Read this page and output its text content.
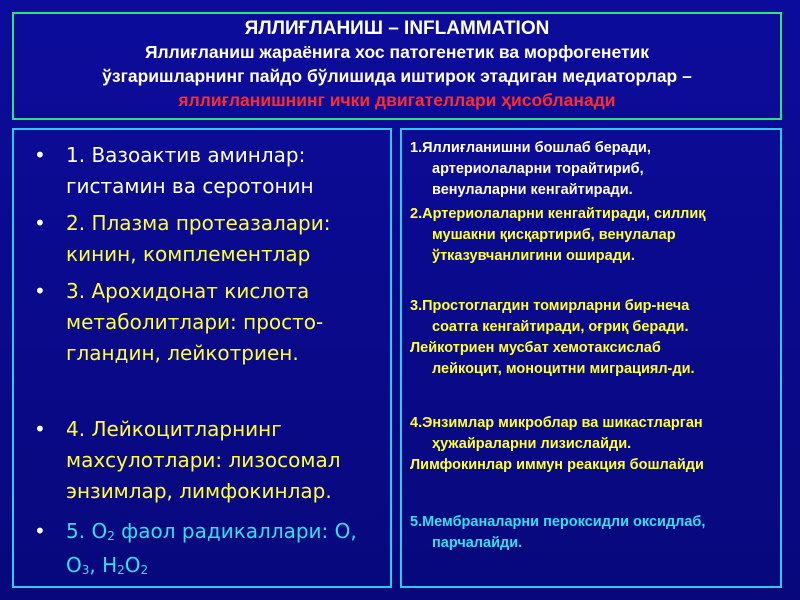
ЯЛЛИҒЛАНИШ – INFLAMMATION
Яллиғланиш жараёнига хос патогенетик ва морфогенетик
ўзгаришларнинг пайдо бўлишида иштирок этадиган медиаторлар –
яллиғланишнинг ички двигателлари ҳисобланади
• 1. Вазоактив аминлар:
гистамин ва серотонин
• 2. Плазма протеазалари:
кинин, комплементлар
• 3. Арохидонат кислота
метаболитлари: просто-
гландин, лейкотриен.
• 4. Лейкоцитларнинг
махсулотлари: лизосомал
энзимлар, лимфокинлар.
• 5. $O_2$ фаол радикаллари: O,
$O_3$, $H_2O_2$
1.Яллиғланишни бошлаб беради,
артериолаларни торайтириб,
венулаларни кенгайтиради.
2.Артериолаларни кенгайтиради, силлиқ
мушакни қисқартириб, венулалар
ўтказувчанлигини оширади.
3.Простоглагдин томирларни бир-неча
соатга кенгайтиради, оғриқ беради.
Лейкотриен мусбат хемотаксислаб
лейкоцит, моноцитни миграциял-ди.
4.Энзимлар микроблар ва шикастларган
ҳужайраларни лизислайди.
Лимфокинлар иммун реакция бошлайди
5.Мембраналарни пероксидли оксидлаб,
парчалайди.
